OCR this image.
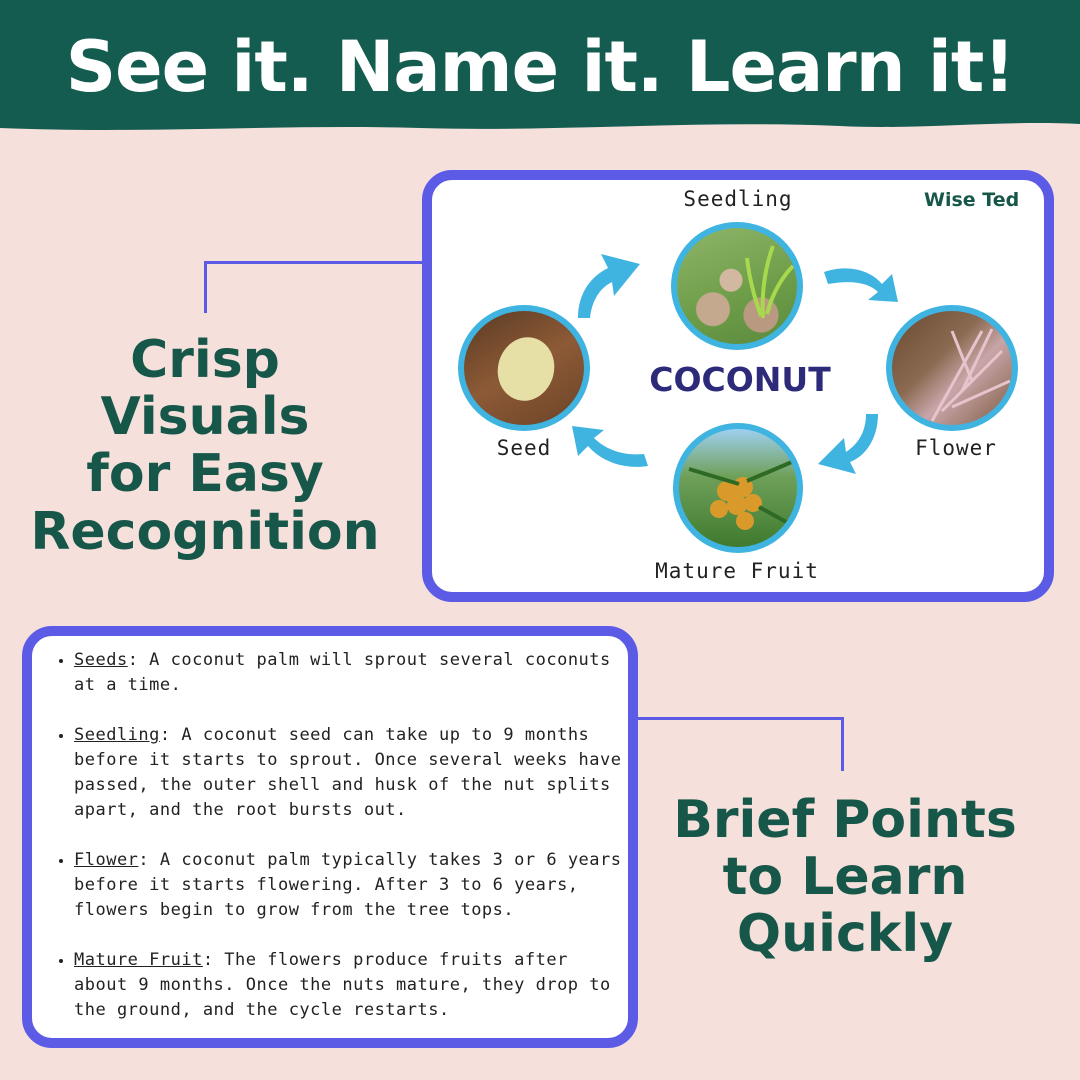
See it. Name it. Learn it!
Crisp Visuals
for Easy
Recognition
Wise Ted
Seedling
Flower
Mature Fruit
Seed
COCONUT
• Seeds: A coconut palm will sprout several coconuts at a time.
• Seedling: A coconut seed can take up to 9 months before it starts to sprout. Once several weeks have passed, the outer shell and husk of the nut splits apart, and the root bursts out.
• Flower: A coconut palm typically takes 3 or 6 years before it starts flowering. After 3 to 6 years, flowers begin to grow from the tree tops.
• Mature Fruit: The flowers produce fruits after about 9 months. Once the nuts mature, they drop to the ground, and the cycle restarts.
Brief Points
to Learn
Quickly
